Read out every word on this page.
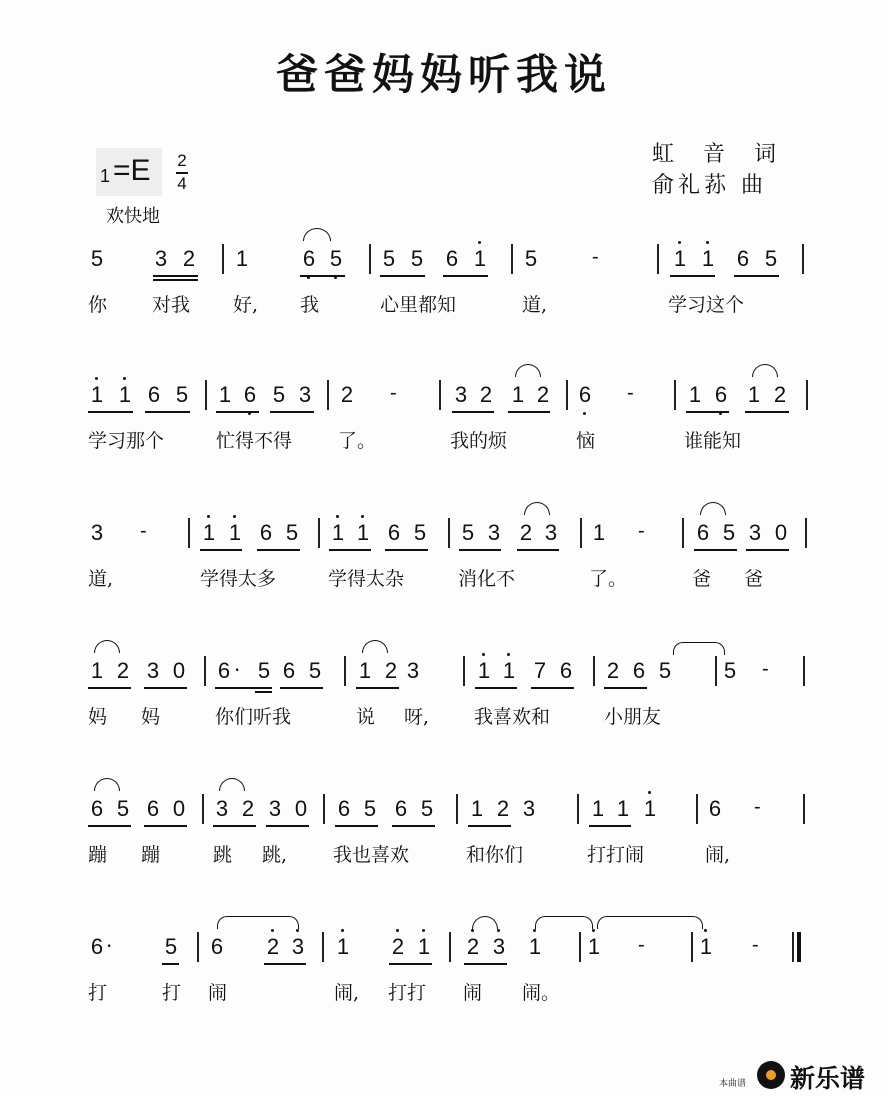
爸爸妈妈听我说
1 =E 2
4
欢快地
虹 音 词
俞礼荪 曲
5 3 2 1 6 5 5 5 6 1 5	-	1 1 6 5
你 对我 好, 我	心里都知	道,	学习这个
1 1 6 5 1 6 5 3 2 -	3 2 1 2 6 -	1 6 1 2
学习那个	忙得不得 了。	我的烦	恼	谁能知
3 -	1 1 6 5 1 1 6 5 5 3 2 3 1 - 6 5 3 0
道,	学得太多	学得太杂	消化不	了。	爸 爸
1 2 3 0 6 · 5 6 5 1 2 3	1 1 7 6 2 6 5 5 -
妈 妈	你们听我	说 呀, 我喜欢和	小朋友
6 5 6 0 3 2 3 0 6 5 6 5 1 2 3	1 1 1 6 -
蹦 蹦	跳 跳, 我也喜欢	和你们	打打闹	闹,
6 · 5 6 2 3 1 2 1 2 3 1 1 -	1 -
打	打 闹	闹, 打打 闹 闹。
本曲谱 新乐谱
